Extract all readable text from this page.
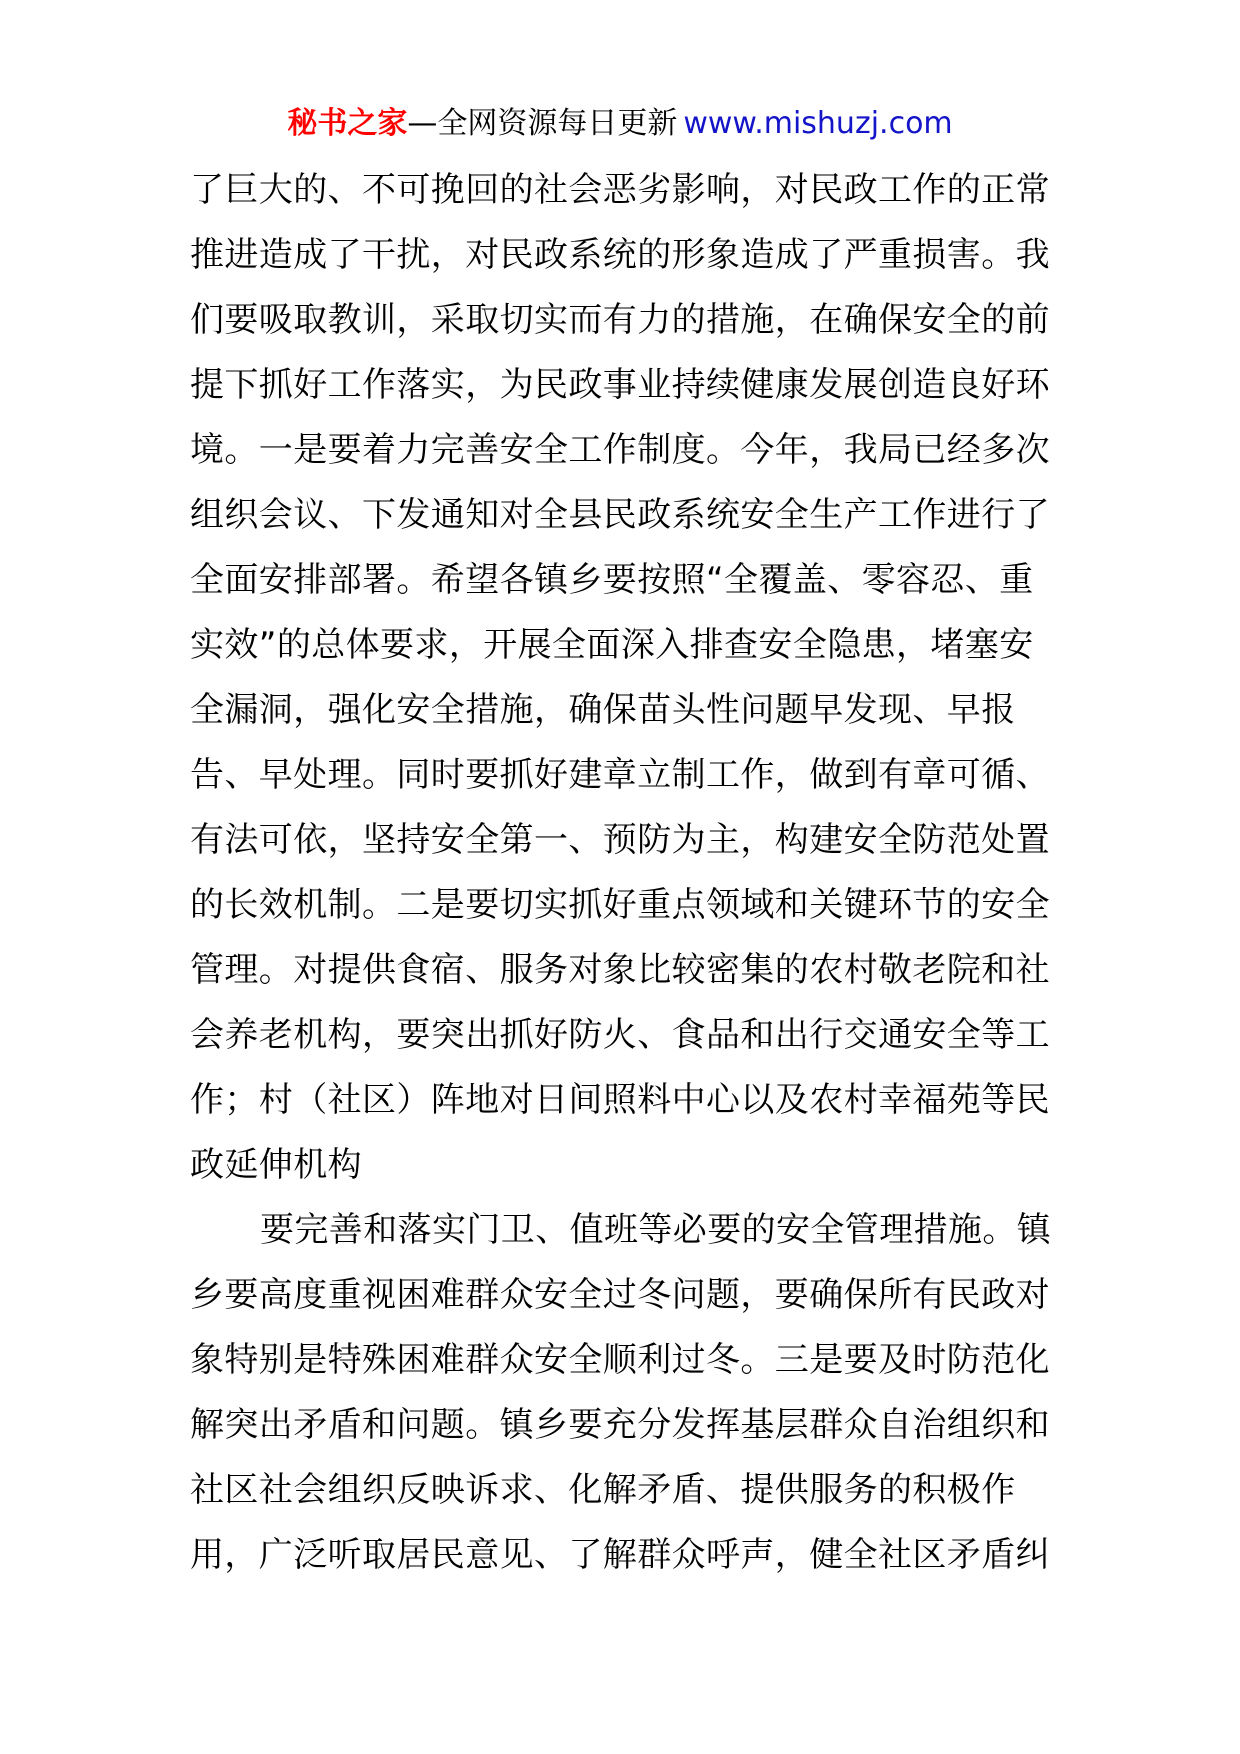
秘书之家—全网资源每日更新 www.mishuzj.com
了巨大的、不可挽回的社会恶劣影响，对民政工作的正常
推进造成了干扰，对民政系统的形象造成了严重损害。我
们要吸取教训，采取切实而有力的措施，在确保安全的前
提下抓好工作落实，为民政事业持续健康发展创造良好环
境。一是要着力完善安全工作制度。今年，我局已经多次
组织会议、下发通知对全县民政系统安全生产工作进行了
全面安排部署。希望各镇乡要按照“全覆盖、零容忍、重
实效”的总体要求，开展全面深入排查安全隐患，堵塞安
全漏洞，强化安全措施，确保苗头性问题早发现、早报
告、早处理。同时要抓好建章立制工作，做到有章可循、
有法可依，坚持安全第一、预防为主，构建安全防范处置
的长效机制。二是要切实抓好重点领域和关键环节的安全
管理。对提供食宿、服务对象比较密集的农村敬老院和社
会养老机构，要突出抓好防火、食品和出行交通安全等工
作；村（社区）阵地对日间照料中心以及农村幸福苑等民
政延伸机构
要完善和落实门卫、值班等必要的安全管理措施。镇
乡要高度重视困难群众安全过冬问题，要确保所有民政对
象特别是特殊困难群众安全顺利过冬。三是要及时防范化
解突出矛盾和问题。镇乡要充分发挥基层群众自治组织和
社区社会组织反映诉求、化解矛盾、提供服务的积极作
用，广泛听取居民意见、了解群众呼声，健全社区矛盾纠
